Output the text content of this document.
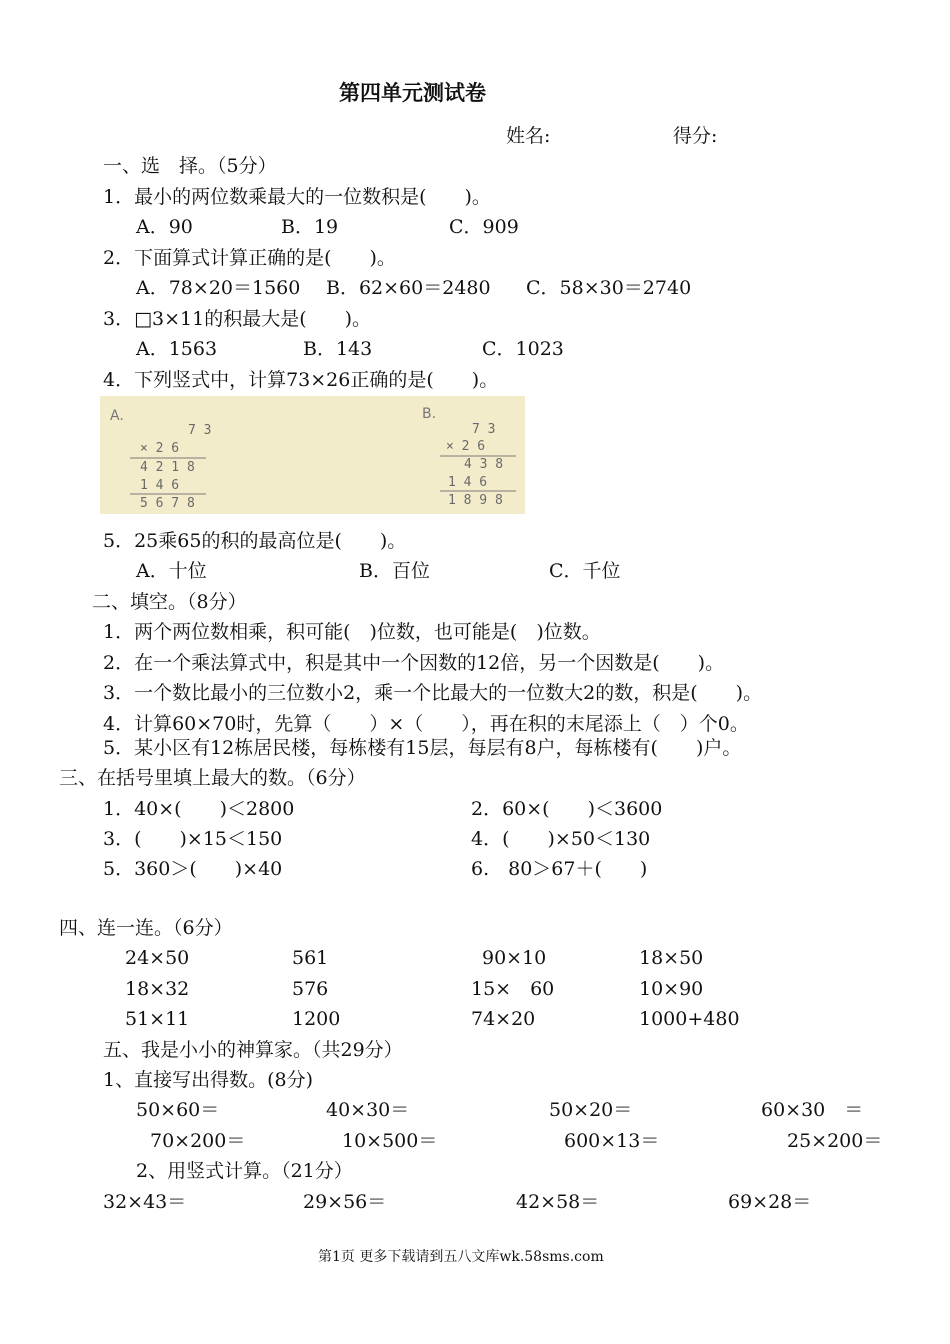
第四单元测试卷
姓名:	得分:
一、选　择。（5分）
1．最小的两位数乘最大的一位数积是(　　)。
A．90	B．19	C．909
2．下面算式计算正确的是(　　)。
A．78×20＝1560 B．62×60＝2480 C．58×30＝2740
3．□3×11的积最大是(　　)。
A．1563	B．143	C．1023
4．下列竖式中，计算73×26正确的是(　　)。
A.
7 3
× 2 6
4 2 1 8
1 4 6
5 6 7 8
B.
7 3
× 2 6
4 3 8
1 4 6
1 8 9 8
5．25乘65的积的最高位是(　　)。
A．十位	B．百位	C．千位
二、填空。（8分）
1．两个两位数相乘，积可能(　)位数，也可能是(　)位数。
2．在一个乘法算式中，积是其中一个因数的12倍，另一个因数是(　　)。
3．一个数比最小的三位数小2，乘一个比最大的一位数大2的数，积是(　　)。
4．计算60×70时，先算（　　）×（　　），再在积的末尾添上（　）个0。
5．某小区有12栋居民楼，每栋楼有15层，每层有8户，每栋楼有(　　)户。
三、在括号里填上最大的数。（6分）
1．40×(　　)＜2800	2．60×(　　)＜3600
3．(　　)×15＜150	4．(　　)×50＜130
5．360＞(　　)×40	6.　80＞67＋(　　)
四、连一连。（6分）
24×50	561	90×10	18×50
18×32	576	15×　60	10×90
51×11	1200	74×20	1000+480
五、我是小小的神算家。（共29分）
1、直接写出得数。(8分)
50×60＝	40×30＝	50×20＝	60×30　＝
70×200＝	10×500＝	600×13＝	25×200＝
2、用竖式计算。（21分）
32×43＝	29×56＝	42×58＝	69×28＝
第1页 更多下载请到五八文库wk.58sms.com
